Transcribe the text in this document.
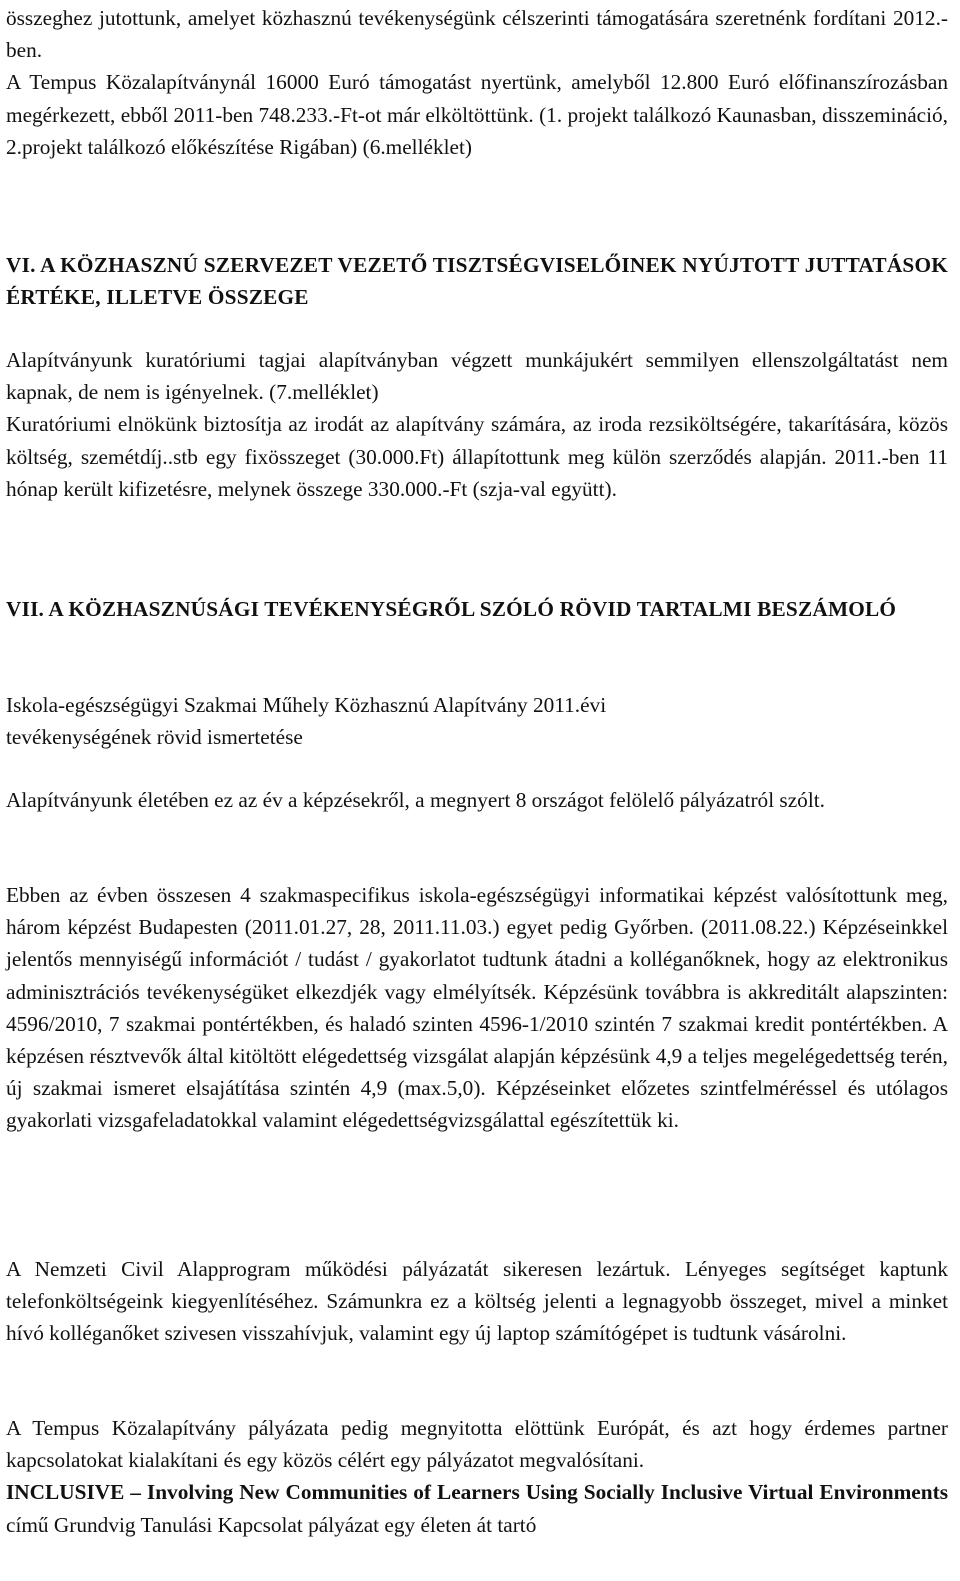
összeghez jutottunk, amelyet közhasznú tevékenységünk célszerinti támogatására szeretnénk fordítani 2012.-ben.

A Tempus Közalapítványnál 16000 Euró támogatást nyertünk, amelyből 12.800 Euró előfinanszírozásban megérkezett, ebből 2011-ben 748.233.-Ft-ot már elköltöttünk. (1. projekt találkozó Kaunasban, disszemináció, 2.projekt találkozó előkészítése Rigában) (6.melléklet)

VI. A KÖZHASZNÚ SZERVEZET VEZETŐ TISZTSÉGVISELŐINEK NYÚJTOTT JUTTATÁSOK ÉRTÉKE, ILLETVE ÖSSZEGE

Alapítványunk kuratóriumi tagjai alapítványban végzett munkájukért semmilyen ellenszolgáltatást nem kapnak, de nem is igényelnek. (7.melléklet)

Kuratóriumi elnökünk biztosítja az irodát az alapítvány számára, az iroda rezsiköltségére, takarítására, közös költség, szemétdíj..stb egy fixösszeget (30.000.Ft) állapítottunk meg külön szerződés alapján. 2011.-ben 11 hónap került kifizetésre, melynek összege 330.000.-Ft (szja-val együtt).

VII. A KÖZHASZNÚSÁGI TEVÉKENYSÉGRŐL SZÓLÓ RÖVID TARTALMI BESZÁMOLÓ

Iskola-egészségügyi Szakmai Műhely Közhasznú Alapítvány 2011.évi

tevékenységének rövid ismertetése

Alapítványunk életében ez az év a képzésekről, a megnyert 8 országot felölelő pályázatról szólt.

Ebben az évben összesen 4 szakmaspecifikus iskola-egészségügyi informatikai képzést valósítottunk meg, három képzést Budapesten (2011.01.27, 28, 2011.11.03.) egyet pedig Győrben. (2011.08.22.) Képzéseinkkel jelentős mennyiségű információt / tudást / gyakorlatot tudtunk átadni a kolléganőknek, hogy az elektronikus adminisztrációs tevékenységüket elkezdjék vagy elmélyítsék. Képzésünk továbbra is akkreditált alapszinten: 4596/2010, 7 szakmai pontértékben, és haladó szinten 4596-1/2010 szintén 7 szakmai kredit pontértékben. A képzésen résztvevők által kitöltött elégedettség vizsgálat alapján képzésünk 4,9 a teljes megelégedettség terén, új szakmai ismeret elsajátítása szintén 4,9 (max.5,0). Képzéseinket előzetes szintfelméréssel és utólagos gyakorlati vizsgafeladatokkal valamint elégedettségvizsgálattal egészítettük ki.

A Nemzeti Civil Alapprogram működési pályázatát sikeresen lezártuk. Lényeges segítséget kaptunk telefonköltségeink kiegyenlítéséhez. Számunkra ez a költség jelenti a legnagyobb összeget, mivel a minket hívó kolléganőket szivesen visszahívjuk, valamint egy új laptop számítógépet is tudtunk vásárolni.

A Tempus Közalapítvány pályázata pedig megnyitotta elöttünk Európát, és azt hogy érdemes partner kapcsolatokat kialakítani és egy közös célért egy pályázatot megvalósítani.

INCLUSIVE – Involving New Communities of Learners Using Socially Inclusive Virtual Environments című Grundvig Tanulási Kapcsolat pályázat egy életen át tartó
